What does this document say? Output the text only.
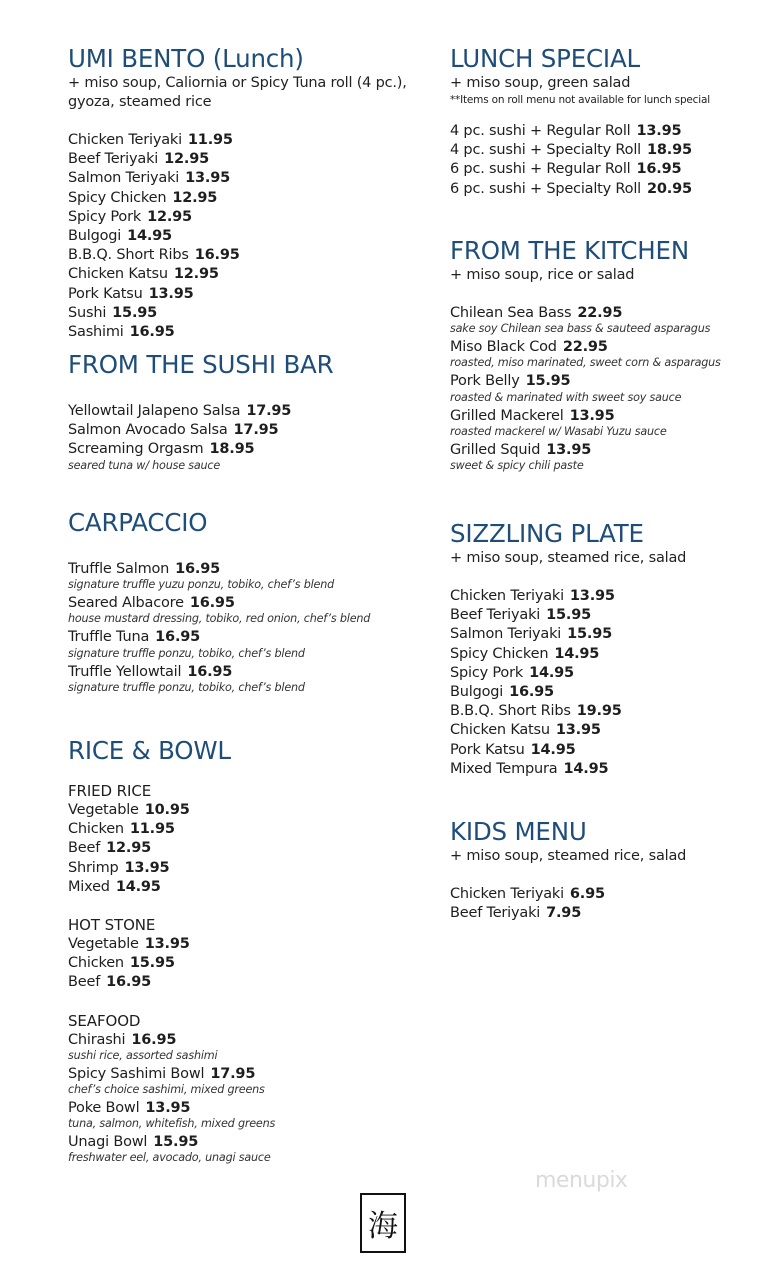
UMI BENTO (Lunch)
+ miso soup, Caliornia or Spicy Tuna roll (4 pc.),
gyoza, steamed rice
Chicken Teriyaki 11.95
Beef Teriyaki 12.95
Salmon Teriyaki 13.95
Spicy Chicken 12.95
Spicy Pork 12.95
Bulgogi 14.95
B.B.Q. Short Ribs 16.95
Chicken Katsu 12.95
Pork Katsu 13.95
Sushi 15.95
Sashimi 16.95
FROM THE SUSHI BAR
Yellowtail Jalapeno Salsa 17.95
Salmon Avocado Salsa 17.95
Screaming Orgasm 18.95
seared tuna w/ house sauce
CARPACCIO
Truffle Salmon 16.95
signature truffle yuzu ponzu, tobiko, chef’s blend
Seared Albacore 16.95
house mustard dressing, tobiko, red onion, chef’s blend
Truffle Tuna 16.95
signature truffle ponzu, tobiko, chef’s blend
Truffle Yellowtail 16.95
signature truffle ponzu, tobiko, chef’s blend
RICE & BOWL
FRIED RICE
Vegetable 10.95
Chicken 11.95
Beef 12.95
Shrimp 13.95
Mixed 14.95
HOT STONE
Vegetable 13.95
Chicken 15.95
Beef 16.95
SEAFOOD
Chirashi 16.95
sushi rice, assorted sashimi
Spicy Sashimi Bowl 17.95
chef’s choice sashimi, mixed greens
Poke Bowl 13.95
tuna, salmon, whitefish, mixed greens
Unagi Bowl 15.95
freshwater eel, avocado, unagi sauce
LUNCH SPECIAL
+ miso soup, green salad
**Items on roll menu not available for lunch special
4 pc. sushi + Regular Roll 13.95
4 pc. sushi + Specialty Roll 18.95
6 pc. sushi + Regular Roll 16.95
6 pc. sushi + Specialty Roll 20.95
FROM THE KITCHEN
+ miso soup, rice or salad
Chilean Sea Bass 22.95
sake soy Chilean sea bass & sauteed asparagus
Miso Black Cod 22.95
roasted, miso marinated, sweet corn & asparagus
Pork Belly 15.95
roasted & marinated with sweet soy sauce
Grilled Mackerel 13.95
roasted mackerel w/ Wasabi Yuzu sauce
Grilled Squid 13.95
sweet & spicy chili paste
SIZZLING PLATE
+ miso soup, steamed rice, salad
Chicken Teriyaki 13.95
Beef Teriyaki 15.95
Salmon Teriyaki 15.95
Spicy Chicken 14.95
Spicy Pork 14.95
Bulgogi 16.95
B.B.Q. Short Ribs 19.95
Chicken Katsu 13.95
Pork Katsu 14.95
Mixed Tempura 14.95
KIDS MENU
+ miso soup, steamed rice, salad
Chicken Teriyaki 6.95
Beef Teriyaki 7.95
menupix
海
